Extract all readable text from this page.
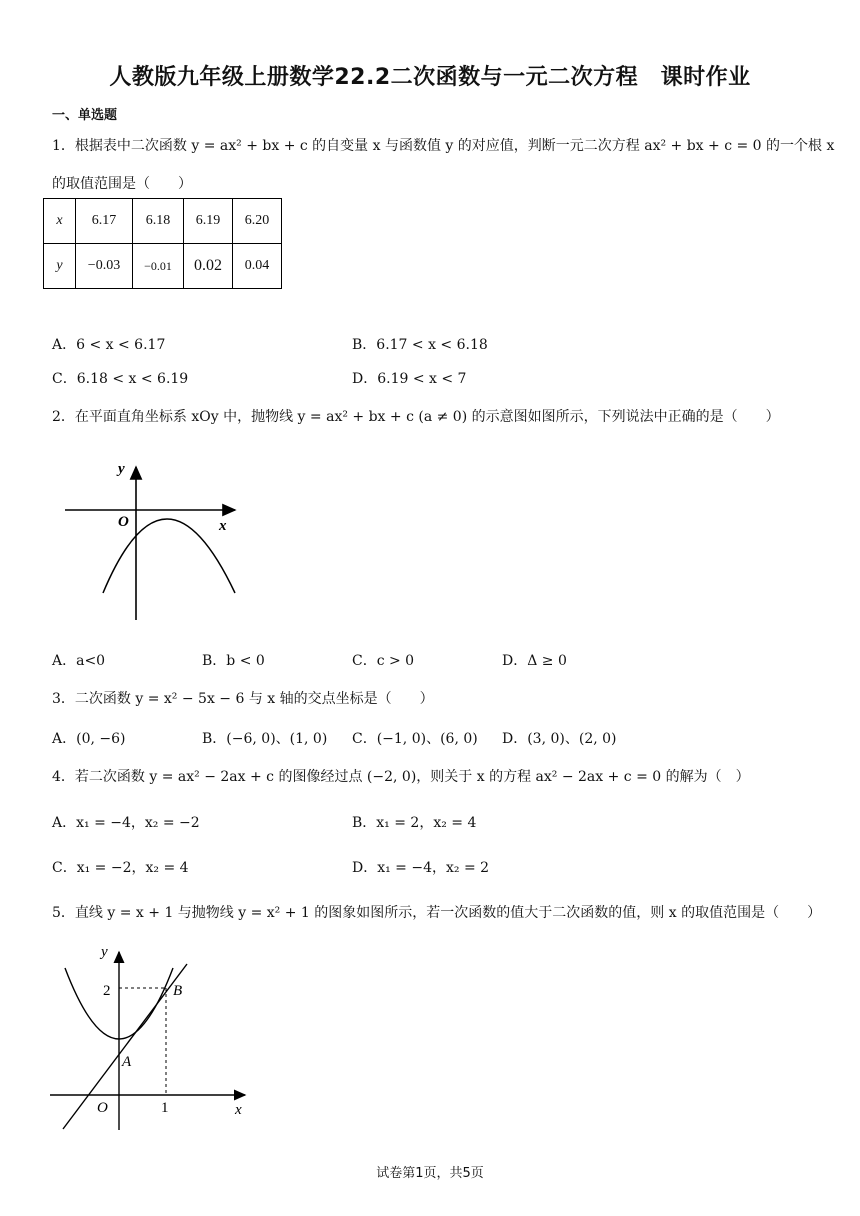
人教版九年级上册数学22.2二次函数与一元二次方程　课时作业
一、单选题
1．根据表中二次函数 y = ax² + bx + c 的自变量 x 与函数值 y 的对应值，判断一元二次方程 ax² + bx + c = 0 的一个根 x
的取值范围是（　　）
x	6.17	6.18	6.19	6.20
y	−0.03	−0.01	0.02	0.04
A．6 < x < 6.17	B．6.17 < x < 6.18
C．6.18 < x < 6.19	D．6.19 < x < 7
2．在平面直角坐标系 xOy 中，抛物线 y = ax² + bx + c (a ≠ 0) 的示意图如图所示，下列说法中正确的是（　　）
y
x
O
A．a<0	B．b < 0	C．c > 0	D．Δ ≥ 0
3．二次函数 y = x² − 5x − 6 与 x 轴的交点坐标是（　　）
A．(0, −6)	B．(−6, 0)、(1, 0) C．(−1, 0)、(6, 0) D．(3, 0)、(2, 0)
4．若二次函数 y = ax² − 2ax + c 的图像经过点 (−2, 0)，则关于 x 的方程 ax² − 2ax + c = 0 的解为（　）
A．x₁ = −4，x₂ = −2	B．x₁ = 2，x₂ = 4
C．x₁ = −2，x₂ = 4	D．x₁ = −4，x₂ = 2
5．直线 y = x + 1 与抛物线 y = x² + 1 的图象如图所示，若一次函数的值大于二次函数的值，则 x 的取值范围是（　　）
y
x
O
2
1
A
B
试卷第1页，共5页
